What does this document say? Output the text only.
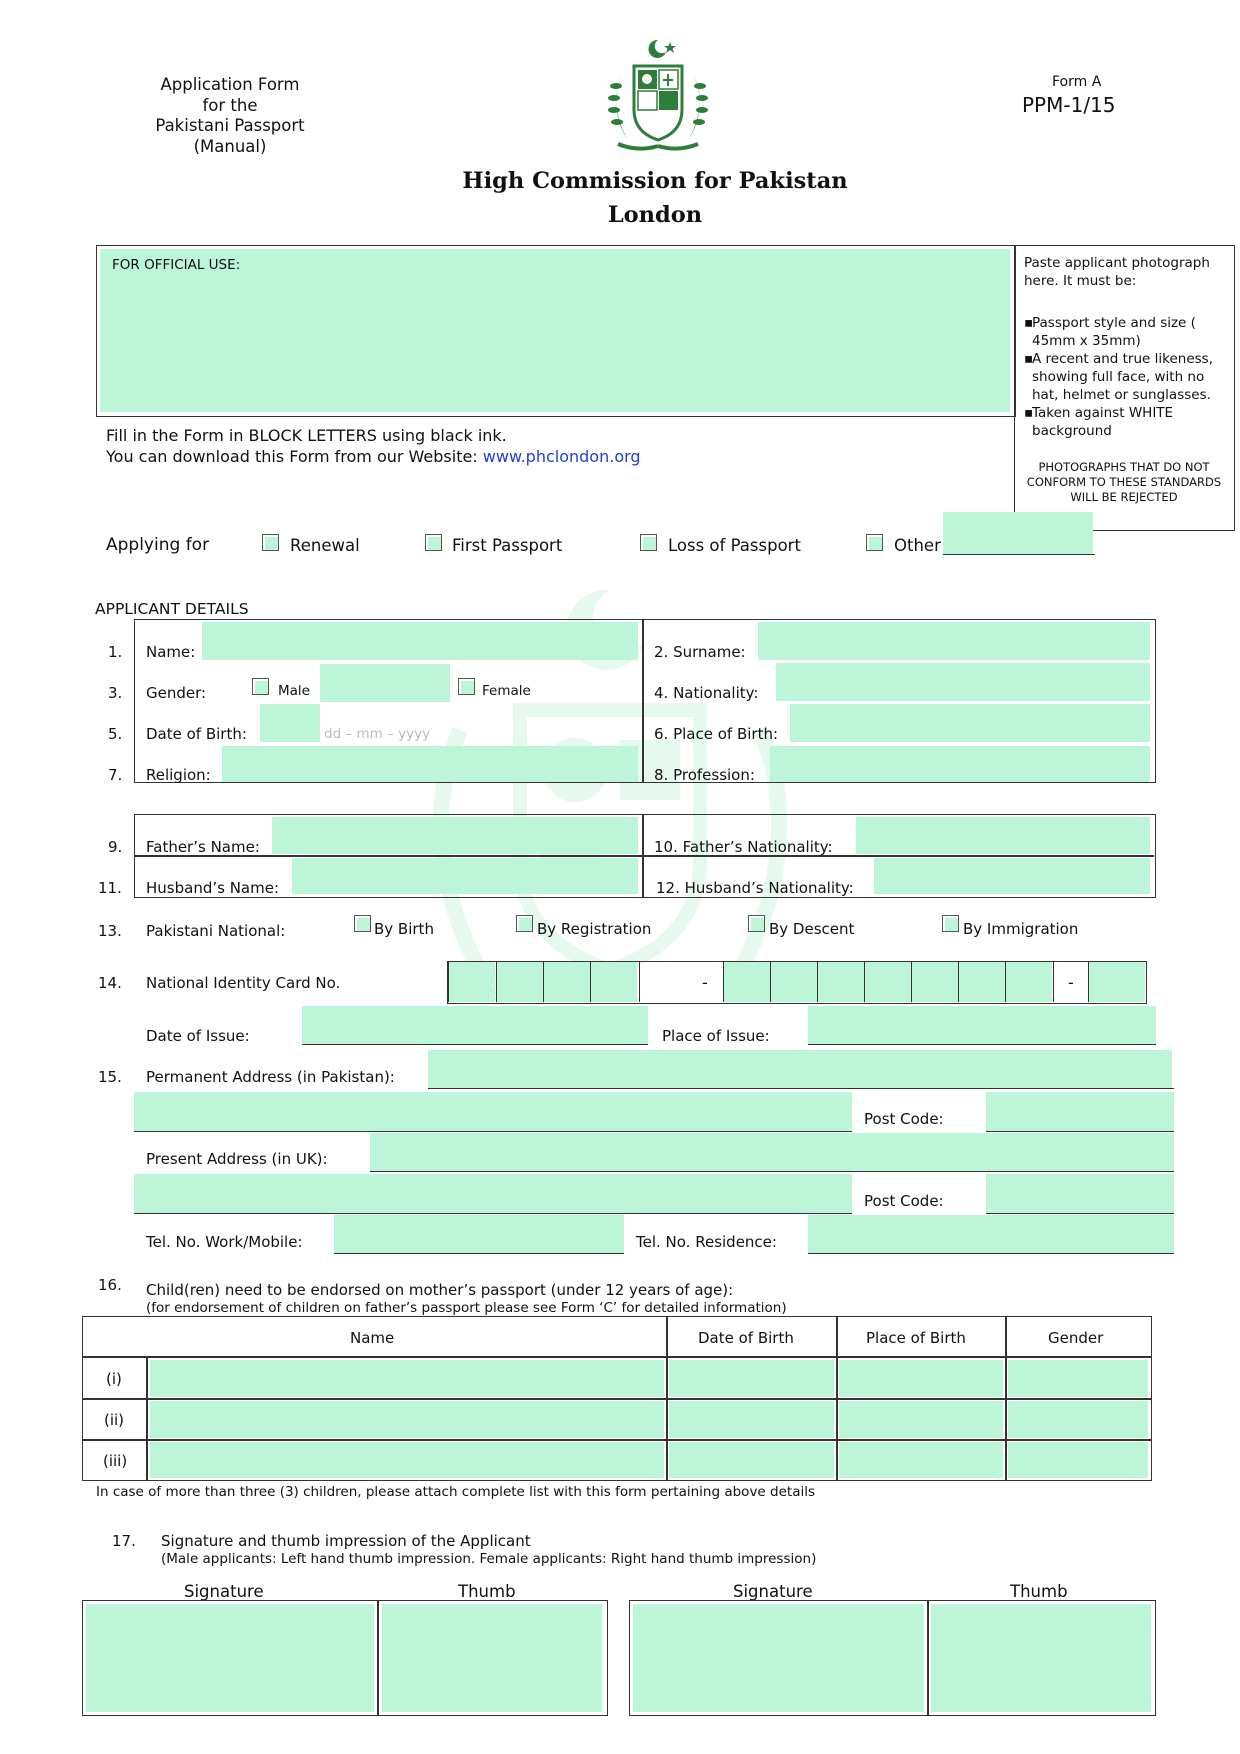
Application Form
for the
Pakistani Passport
(Manual)
Form A
PPM-1/15
High Commission for Pakistan
London
FOR OFFICIAL USE:	Paste applicant photograph here. It must be:
▪
Passport style and size ( 45mm x 35mm)
▪
A recent and true likeness, showing full face, with no hat, helmet or sunglasses.
▪
Taken against WHITE background
PHOTOGRAPHS THAT DO NOT CONFORM TO THESE STANDARDS WILL BE REJECTED
Fill in the Form in BLOCK LETTERS using black ink.
You can download this Form from our Website: www.phclondon.org
Applying for	Renewal	First Passport	Loss of Passport	Other
APPLICANT DETAILS
1. Name:	2. Surname:
3. Gender:	Male	Female	4. Nationality:
5. Date of Birth:	dd – mm – yyyy	6. Place of Birth:
7. Religion:	8. Profession:
9. Father’s Name:	10. Father’s Nationality:
11. Husband’s Name:	12. Husband’s Nationality:
13. Pakistani National:	By Birth	By Registration	By Descent	By Immigration
14. National Identity Card No.	-	-
Date of Issue:	Place of Issue:
15. Permanent Address (in Pakistan):
Post Code:
Present Address (in UK):
Post Code:
Tel. No. Work/Mobile:	Tel. No. Residence:
16. Child(ren) need to be endorsed on mother’s passport (under 12 years of age):
(for endorsement of children on father’s passport please see Form ‘C’ for detailed information)
Name	Date of Birth	Place of Birth	Gender
(i)
(ii)
(iii)
In case of more than three (3) children, please attach complete list with this form pertaining above details
17. Signature and thumb impression of the Applicant
(Male applicants: Left hand thumb impression. Female applicants: Right hand thumb impression)
Signature	Thumb	Signature	Thumb
